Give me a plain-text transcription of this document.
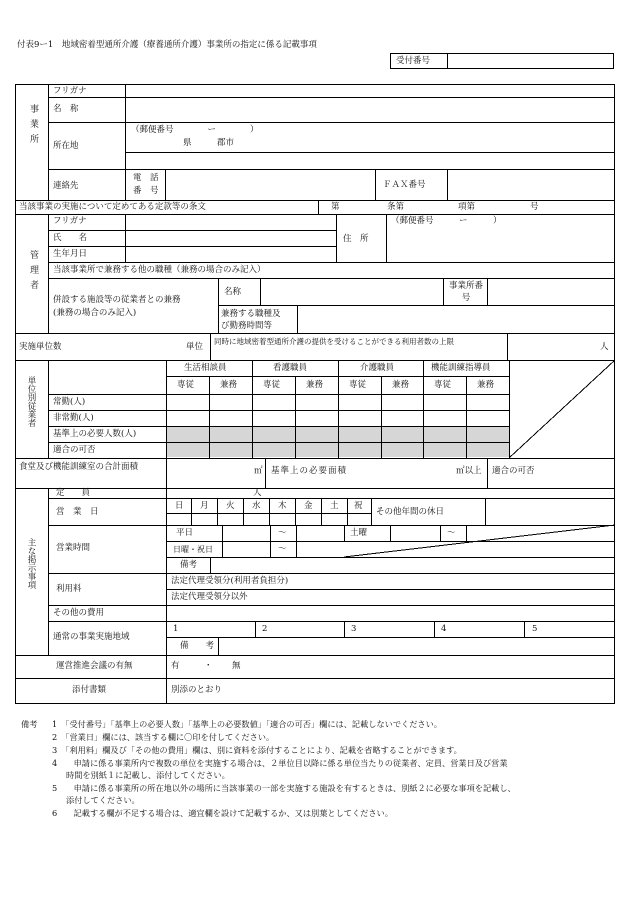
付表9ー1　地域密着型通所介護（療養通所介護）事業所の指定に係る記載事項
受付番号
事業所
フリガナ
名　称
所在地
（郵便番号　　　　ー　　　　）
県　　　郡市
連絡先
電　話
番　号
ＦＡＸ番号
当該事業の実施について定めてある定款等の条文	第	条第	項第	号
管理者
フリガナ
氏　　名
生年月日
住　所
（郵便番号　　　ー　　　）
当該事業所で兼務する他の職種（兼務の場合のみ記入）
併設する施設等の従業者との兼務
(兼務の場合のみ記入)
名称
事業所番
号
兼務する職種及
び勤務時間等
実施単位数	単位
同時に地域密着型通所介護の提供を受けることができる利用者数の上限
人
単位別従業者
生活相談員	看護職員	介護職員	機能訓練指導員
専従	兼務	専従	兼務	専従	兼務	専従	兼務
常勤(人)
非常勤(人)
基準上の必要人数(人)
適合の可否
食堂及び機能訓練室の合計面積	㎡ 基準上の必要面積	㎡以上 適合の可否
主な掲示事項
定　　員	人
営　業　日
日 月 火 水 木 金 土 祝
その他年間の休日
営業時間
平日	～	土曜	～
日曜・祝日	～
備考
利用料
法定代理受領分(利用者負担分)
法定代理受領分以外
その他の費用
通常の事業実施地域
1	2	3	4	5
備　　考
運営推進会議の有無	有	・ 無
添付書類	別添のとおり
備考 1　「受付番号」「基準上の必要人数」「基準上の必要数値」「適合の可否」欄には、記載しないでください。
2　「営業日」欄には、該当する欄に〇印を付してください。
3　「利用料」欄及び「その他の費用」欄は、別に資料を添付することにより、記載を省略することができます。
4　　申請に係る事業所内で複数の単位を実施する場合は、２単位目以降に係る単位当たりの従業者、定員、営業日及び営業
時間を別紙１に記載し、添付してください。
5　　申請に係る事業所の所在地以外の場所に当該事業の一部を実施する施設を有するときは、別紙２に必要な事項を記載し、
添付してください。
6　　記載する欄が不足する場合は、適宜欄を設けて記載するか、又は別葉としてください。
